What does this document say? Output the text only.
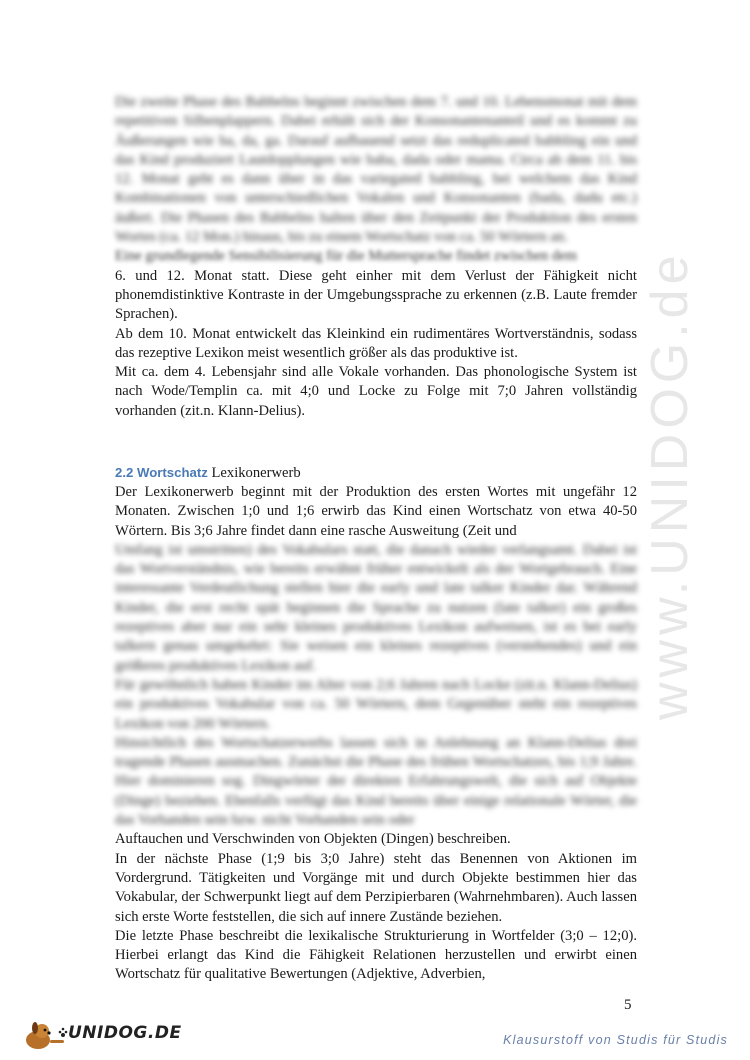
Die zweite Phase des Babbelns beginnt zwischen dem 7. und 10. Lebensmonat mit dem repetitiven Silbenplappern. Dabei erhält sich der Konsonantenanteil und es kommt zu Äußerungen wie ba, da, ga. Darauf aufbauend setzt das reduplicated babbling ein und das Kind produziert Lautdopplungen wie baba, dada oder mama. Circa ab dem 11. bis 12. Monat geht es dann über in das variegated babbling, bei welchem das Kind Kombinationen von unterschiedlichen Vokalen und Konsonanten (bada, dadu etc.) äußert. Die Phasen des Babbelns halten über den Zeitpunkt der Produktion des ersten Wortes (ca. 12 Mon.) hinaus, bis zu einem Wortschatz von ca. 50 Wörtern an.

Eine grundlegende Sensibilisierung für die Muttersprache findet zwischen dem

6. und 12. Monat statt. Diese geht einher mit dem Verlust der Fähigkeit nicht phonemdistinktive Kontraste in der Umgebungssprache zu erkennen (z.B. Laute fremder Sprachen).

Ab dem 10. Monat entwickelt das Kleinkind ein rudimentäres Wortverständnis, sodass das rezeptive Lexikon meist wesentlich größer als das produktive ist.

Mit ca. dem 4. Lebensjahr sind alle Vokale vorhanden. Das phonologische System ist nach Wode/Templin ca. mit 4;0 und Locke zu Folge mit 7;0 Jahren vollständig vorhanden (zit.n. Klann-Delius).

2.2 Wortschatz Lexikonerwerb

Der Lexikonerwerb beginnt mit der Produktion des ersten Wortes mit ungefähr 12 Monaten. Zwischen 1;0 und 1;6 erwirb das Kind einen Wortschatz von etwa 40-50 Wörtern. Bis 3;6 Jahre findet dann eine rasche Ausweitung (Zeit und

Umfang ist umstritten) des Vokabulars statt, die danach wieder verlangsamt. Dabei ist das Wortverständnis, wie bereits erwähnt früher entwickelt als der Wortgebrauch. Eine interessante Verdeutlichung stellen hier die early und late talker Kinder dar. Während Kinder, die erst recht spät beginnen die Sprache zu nutzen (late talker) ein großes rezeptives aber nur ein sehr kleines produktives Lexikon aufweisen, ist es bei early talkern genau umgekehrt: Sie weisen ein kleines rezeptives (verstehendes) und ein größeres produktives Lexikon auf.

Für gewöhnlich haben Kinder im Alter von 2;6 Jahren nach Locke (zit.n. Klann-Delius) ein produktives Vokabular von ca. 50 Wörtern, dem Gegenüber steht ein rezeptives Lexikon von 200 Wörtern.

Hinsichtlich des Wortschatzerwerbs lassen sich in Anlehnung an Klann-Delius drei tragende Phasen ausmachen. Zunächst die Phase des frühen Wortschatzes, bis 1;9 Jahre. Hier dominieren sog. Dingwörter der direkten Erfahrungswelt, die sich auf Objekte (Dinge) beziehen. Ebenfalls verfügt das Kind bereits über einige relationale Wörter, die das Vorhanden sein bzw. nicht Vorhanden sein oder

Auftauchen und Verschwinden von Objekten (Dingen) beschreiben.

In der nächste Phase (1;9 bis 3;0 Jahre) steht das Benennen von Aktionen im Vordergrund. Tätigkeiten und Vorgänge mit und durch Objekte bestimmen hier das Vokabular, der Schwerpunkt liegt auf dem Perzipierbaren (Wahrnehmbaren). Auch lassen sich erste Worte feststellen, die sich auf innere Zustände beziehen.

Die letzte Phase beschreibt die lexikalische Strukturierung in Wortfelder (3;0 – 12;0). Hierbei erlangt das Kind die Fähigkeit Relationen herzustellen und erwirbt einen Wortschatz für qualitative Bewertungen (Adjektive, Adverbien,

www.UNIDOG.de
5
UNIDOG.DE	Klausurstoff von Studis für Studis
